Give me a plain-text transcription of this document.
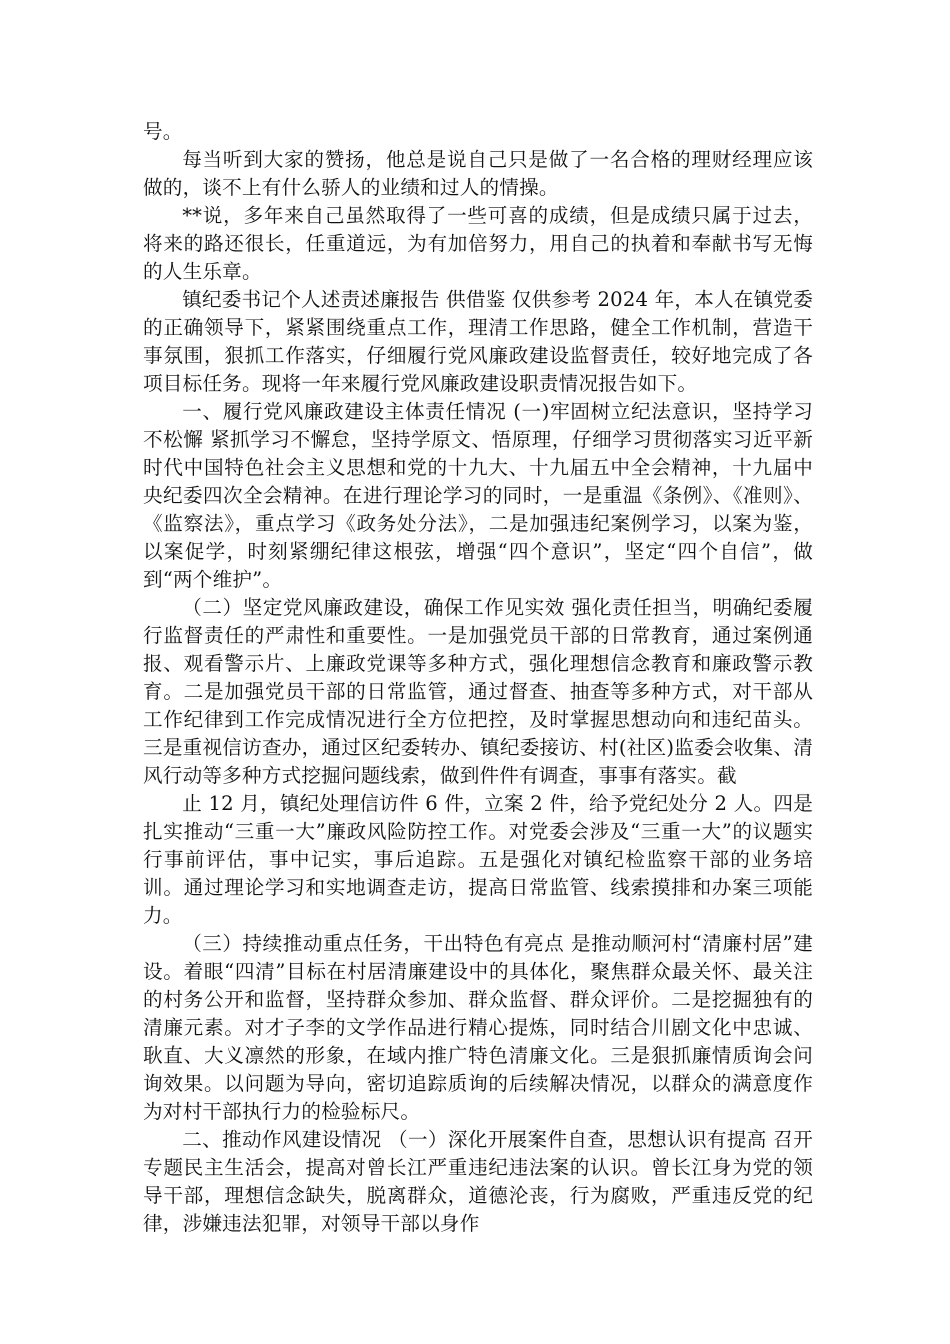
号。

每当听到大家的赞扬，他总是说自己只是做了一名合格的理财经理应该做的，谈不上有什么骄人的业绩和过人的情操。

**说，多年来自己虽然取得了一些可喜的成绩，但是成绩只属于过去，将来的路还很长，任重道远，为有加倍努力，用自己的执着和奉献书写无悔的人生乐章。

镇纪委书记个人述责述廉报告 供借鉴 仅供参考 2024 年，本人在镇党委的正确领导下，紧紧围绕重点工作，理清工作思路，健全工作机制，营造干事氛围，狠抓工作落实，仔细履行党风廉政建设监督责任，较好地完成了各项目标任务。现将一年来履行党风廉政建设职责情况报告如下。

一、履行党风廉政建设主体责任情况 (一)牢固树立纪法意识，坚持学习不松懈 紧抓学习不懈怠，坚持学原文、悟原理，仔细学习贯彻落实习近平新时代中国特色社会主义思想和党的十九大、十九届五中全会精神，十九届中央纪委四次全会精神。在进行理论学习的同时，一是重温《条例》、《准则》、《监察法》，重点学习《政务处分法》，二是加强违纪案例学习，以案为鉴，以案促学，时刻紧绷纪律这根弦，增强“四个意识”，坚定“四个自信”，做到“两个维护”。

（二）坚定党风廉政建设，确保工作见实效 强化责任担当，明确纪委履行监督责任的严肃性和重要性。一是加强党员干部的日常教育，通过案例通报、观看警示片、上廉政党课等多种方式，强化理想信念教育和廉政警示教育。二是加强党员干部的日常监管，通过督查、抽查等多种方式，对干部从工作纪律到工作完成情况进行全方位把控，及时掌握思想动向和违纪苗头。三是重视信访查办，通过区纪委转办、镇纪委接访、村(社区)监委会收集、清风行动等多种方式挖掘问题线索，做到件件有调查，事事有落实。截

止 12 月，镇纪处理信访件 6 件，立案 2 件，给予党纪处分 2 人。四是扎实推动“三重一大”廉政风险防控工作。对党委会涉及“三重一大”的议题实行事前评估，事中记实，事后追踪。五是强化对镇纪检监察干部的业务培训。通过理论学习和实地调查走访，提高日常监管、线索摸排和办案三项能力。

（三）持续推动重点任务，干出特色有亮点 是推动顺河村“清廉村居”建设。着眼“四清”目标在村居清廉建设中的具体化，聚焦群众最关怀、最关注的村务公开和监督，坚持群众参加、群众监督、群众评价。二是挖掘独有的清廉元素。对才子李的文学作品进行精心提炼，同时结合川剧文化中忠诚、耿直、大义凛然的形象，在域内推广特色清廉文化。三是狠抓廉情质询会问询效果。以问题为导向，密切追踪质询的后续解决情况，以群众的满意度作为对村干部执行力的检验标尺。

二、推动作风建设情况 （一）深化开展案件自查，思想认识有提高 召开专题民主生活会，提高对曾长江严重违纪违法案的认识。曾长江身为党的领导干部，理想信念缺失，脱离群众，道德沦丧，行为腐败，严重违反党的纪律，涉嫌违法犯罪，对领导干部以身作
